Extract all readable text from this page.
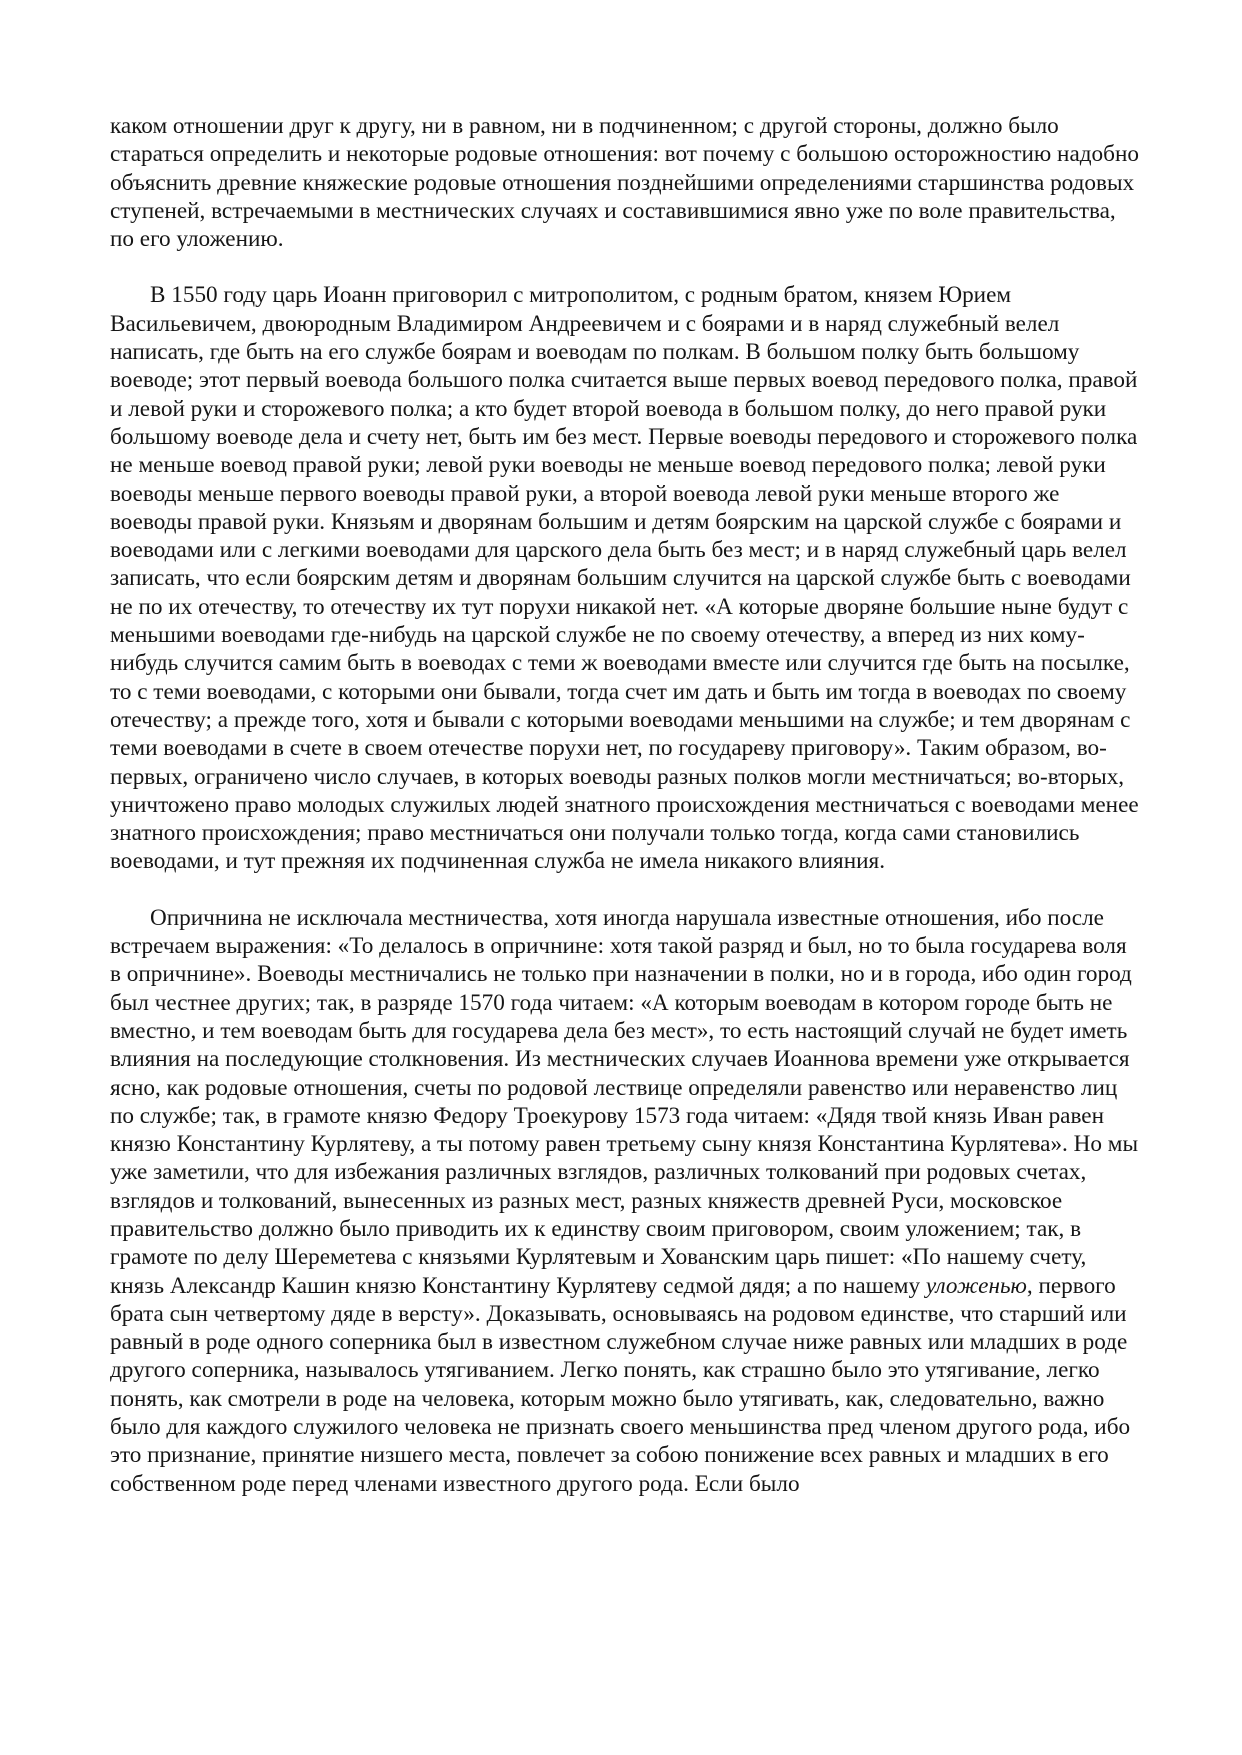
каком отношении друг к другу, ни в равном, ни в подчиненном; с другой стороны, должно было стараться определить и некоторые родовые отношения: вот почему с большою осторожностию надобно объяснить древние княжеские родовые отношения позднейшими определениями старшинства родовых ступеней, встречаемыми в местнических случаях и составившимися явно уже по воле правительства, по его уложению.

В 1550 году царь Иоанн приговорил с митрополитом, с родным братом, князем Юрием Васильевичем, двоюродным Владимиром Андреевичем и с боярами и в наряд служебный велел написать, где быть на его службе боярам и воеводам по полкам. В большом полку быть большому воеводе; этот первый воевода большого полка считается выше первых воевод передового полка, правой и левой руки и сторожевого полка; а кто будет второй воевода в большом полку, до него правой руки большому воеводе дела и счету нет, быть им без мест. Первые воеводы передового и сторожевого полка не меньше воевод правой руки; левой руки воеводы не меньше воевод передового полка; левой руки воеводы меньше первого воеводы правой руки, а второй воевода левой руки меньше второго же воеводы правой руки. Князьям и дворянам большим и детям боярским на царской службе с боярами и воеводами или с легкими воеводами для царского дела быть без мест; и в наряд служебный царь велел записать, что если боярским детям и дворянам большим случится на царской службе быть с воеводами не по их отечеству, то отечеству их тут порухи никакой нет. «А которые дворяне большие ныне будут с меньшими воеводами где-нибудь на царской службе не по своему отечеству, а вперед из них кому-нибудь случится самим быть в воеводах с теми ж воеводами вместе или случится где быть на посылке, то с теми воеводами, с которыми они бывали, тогда счет им дать и быть им тогда в воеводах по своему отечеству; а прежде того, хотя и бывали с которыми воеводами меньшими на службе; и тем дворянам с теми воеводами в счете в своем отечестве порухи нет, по государеву приговору». Таким образом, во-первых, ограничено число случаев, в которых воеводы разных полков могли местничаться; во-вторых, уничтожено право молодых служилых людей знатного происхождения местничаться с воеводами менее знатного происхождения; право местничаться они получали только тогда, когда сами становились воеводами, и тут прежняя их подчиненная служба не имела никакого влияния.

Опричнина не исключала местничества, хотя иногда нарушала известные отношения, ибо после встречаем выражения: «То делалось в опричнине: хотя такой разряд и был, но то была государева воля в опричнине». Воеводы местничались не только при назначении в полки, но и в города, ибо один город был честнее других; так, в разряде 1570 года читаем: «А которым воеводам в котором городе быть не вместно, и тем воеводам быть для государева дела без мест», то есть настоящий случай не будет иметь влияния на последующие столкновения. Из местнических случаев Иоаннова времени уже открывается ясно, как родовые отношения, счеты по родовой лествице определяли равенство или неравенство лиц по службе; так, в грамоте князю Федору Троекурову 1573 года читаем: «Дядя твой князь Иван равен князю Константину Курлятеву, а ты потому равен третьему сыну князя Константина Курлятева». Но мы уже заметили, что для избежания различных взглядов, различных толкований при родовых счетах, взглядов и толкований, вынесенных из разных мест, разных княжеств древней Руси, московское правительство должно было приводить их к единству своим приговором, своим уложением; так, в грамоте по делу Шереметева с князьями Курлятевым и Хованским царь пишет: «По нашему счету, князь Александр Кашин князю Константину Курлятеву седмой дядя; а по нашему уложенью, первого брата сын четвертому дяде в версту». Доказывать, основываясь на родовом единстве, что старший или равный в роде одного соперника был в известном служебном случае ниже равных или младших в роде другого соперника, называлось утягиванием. Легко понять, как страшно было это утягивание, легко понять, как смотрели в роде на человека, которым можно было утягивать, как, следовательно, важно было для каждого служилого человека не признать своего меньшинства пред членом другого рода, ибо это признание, принятие низшего места, повлечет за собою понижение всех равных и младших в его собственном роде перед членами известного другого рода. Если было
